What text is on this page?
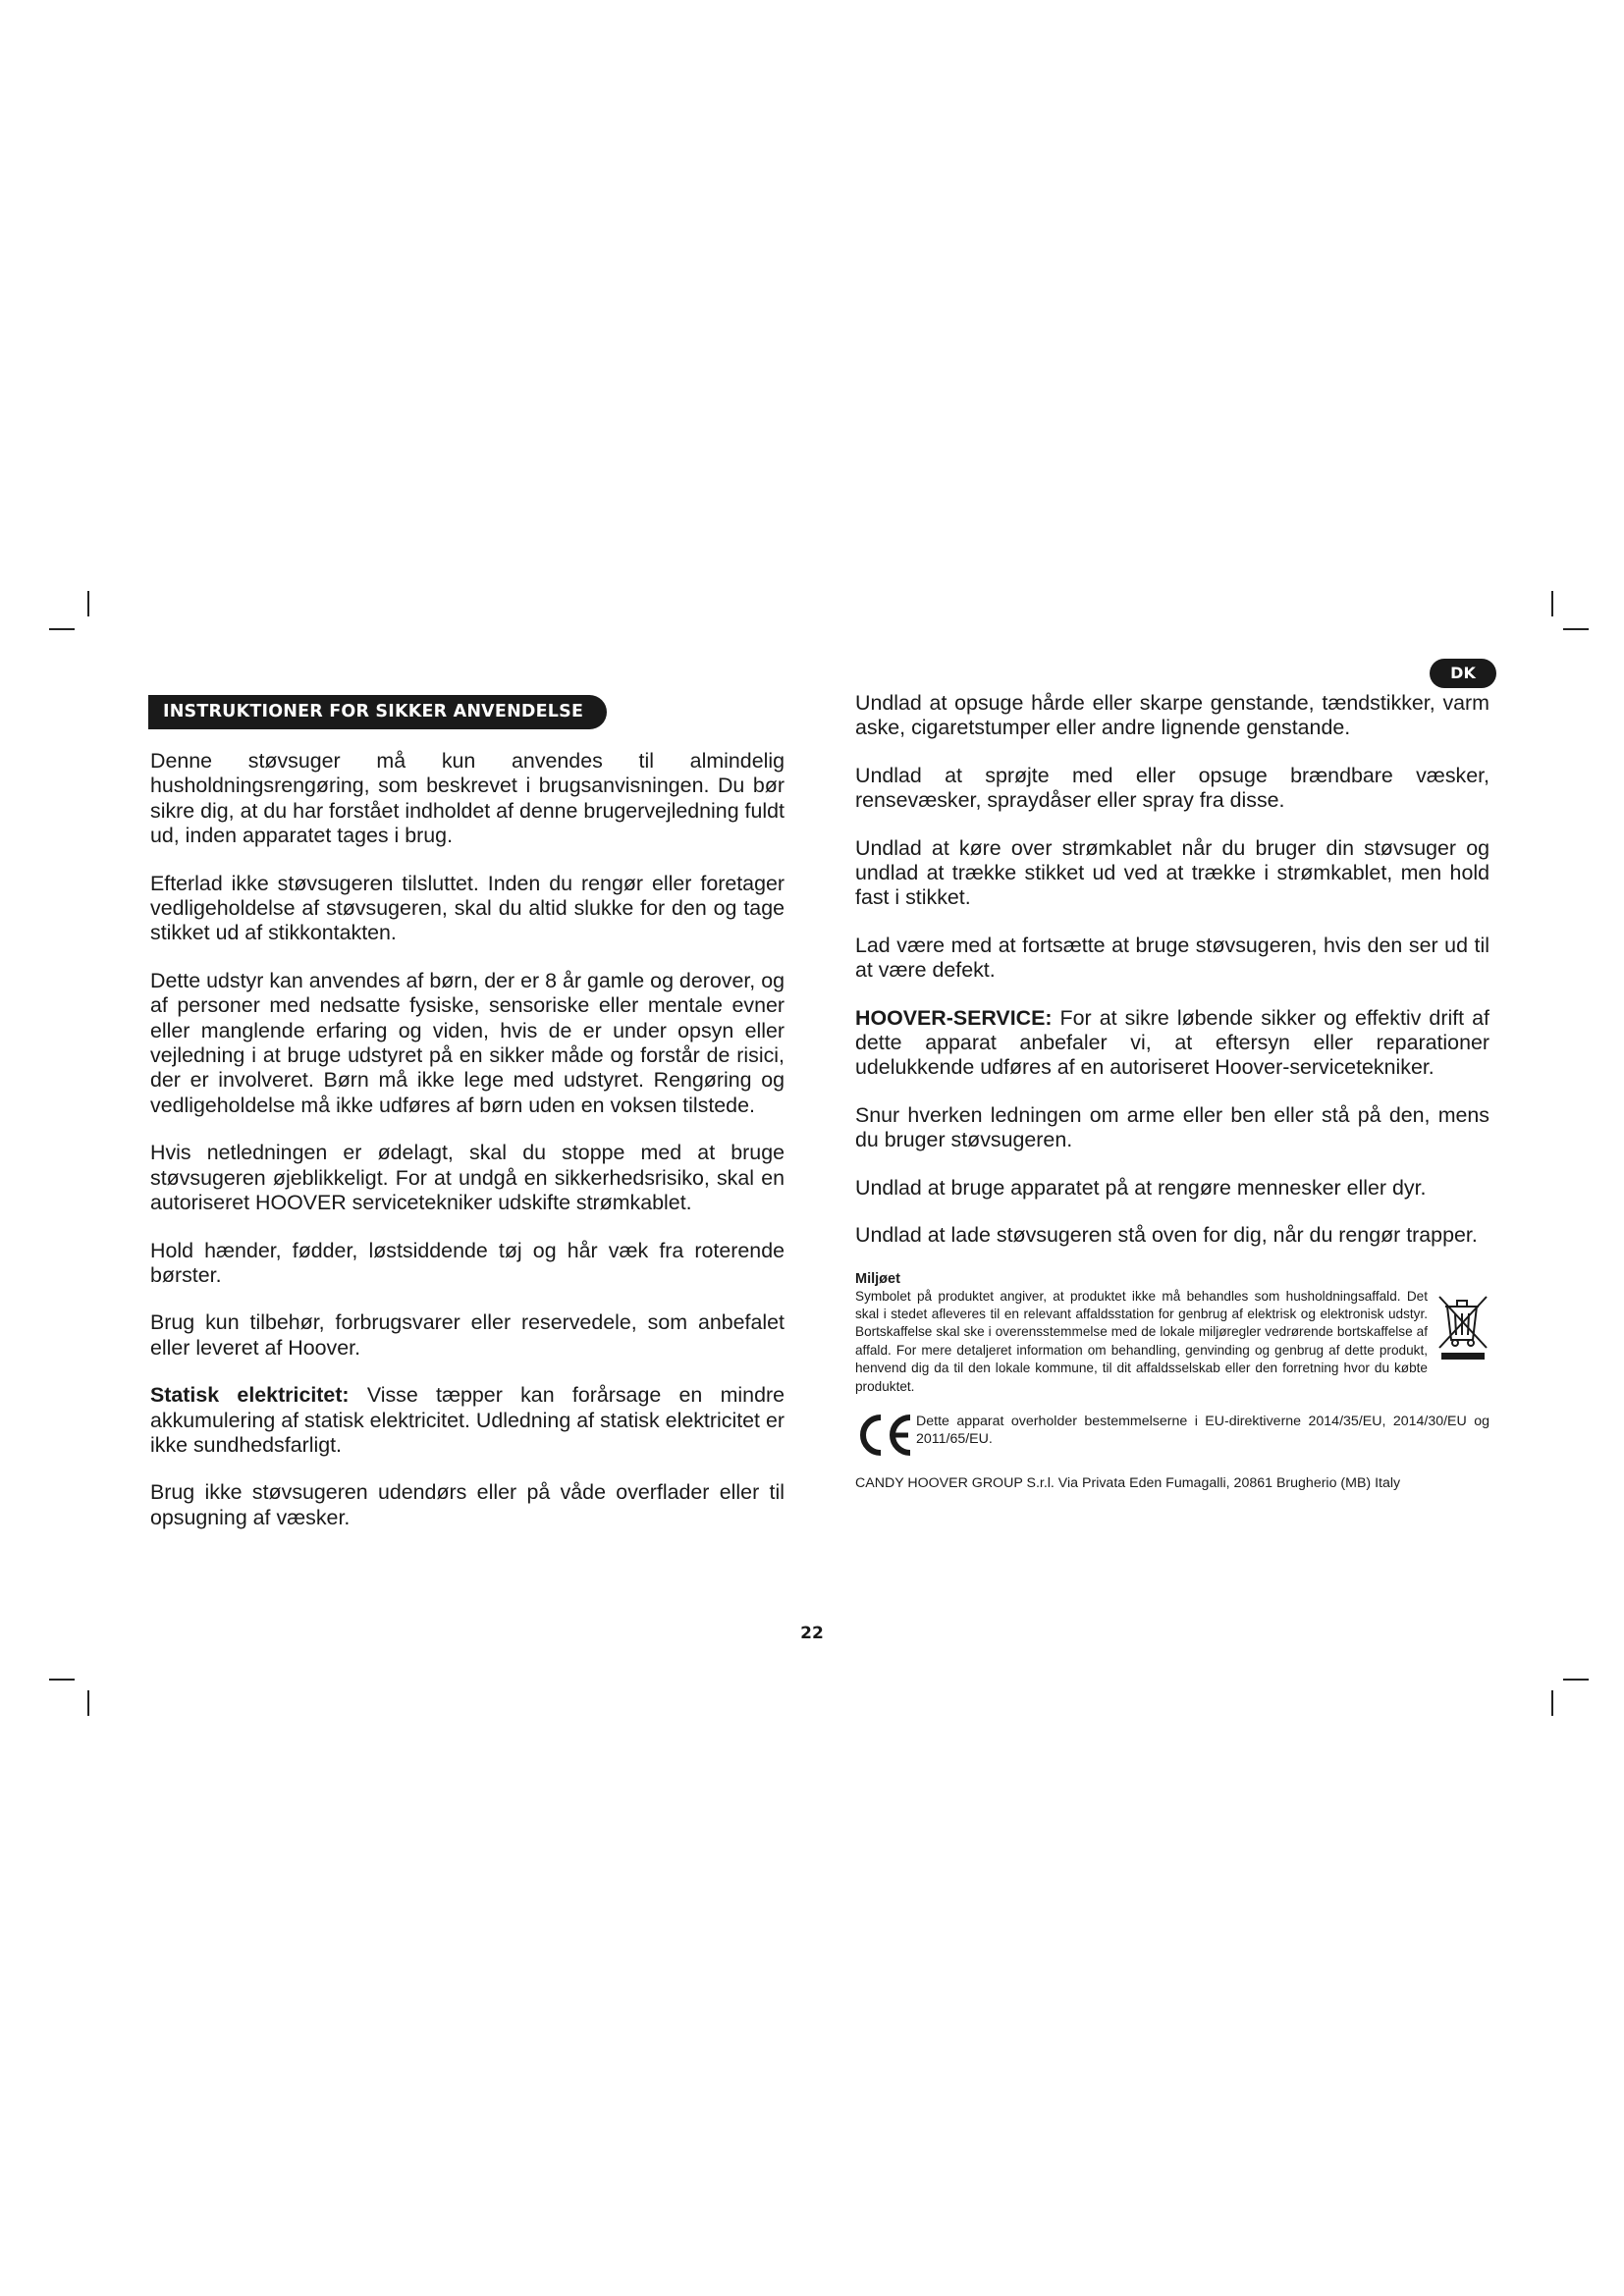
DK
INSTRUKTIONER FOR SIKKER ANVENDELSE

Denne støvsuger må kun anvendes til almindelig husholdningsrengøring, som beskrevet i brugsanvisningen. Du bør sikre dig, at du har forstået indholdet af denne brugervejledning fuldt ud, inden apparatet tages i brug.

Efterlad ikke støvsugeren tilsluttet. Inden du rengør eller foretager vedligeholdelse af støvsugeren, skal du altid slukke for den og tage stikket ud af stikkontakten.

Dette udstyr kan anvendes af børn, der er 8 år gamle og derover, og af personer med nedsatte fysiske, sensoriske eller mentale evner eller manglende erfaring og viden, hvis de er under opsyn eller vejledning i at bruge udstyret på en sikker måde og forstår de risici, der er involveret. Børn må ikke lege med udstyret. Rengøring og vedligeholdelse må ikke udføres af børn uden en voksen tilstede.

Hvis netledningen er ødelagt, skal du stoppe med at bruge støvsugeren øjeblikkeligt. For at undgå en sikkerhedsrisiko, skal en autoriseret HOOVER servicetekniker udskifte strømkablet.

Hold hænder, fødder, løstsiddende tøj og hår væk fra roterende børster.

Brug kun tilbehør, forbrugsvarer eller reservedele, som anbefalet eller leveret af Hoover.

Statisk elektricitet: Visse tæpper kan forårsage en mindre akkumulering af statisk elektricitet. Udledning af statisk elektricitet er ikke sundhedsfarligt.

Brug ikke støvsugeren udendørs eller på våde overflader eller til opsugning af væsker.

Undlad at opsuge hårde eller skarpe genstande, tændstikker, varm aske, cigaretstumper eller andre lignende genstande.

Undlad at sprøjte med eller opsuge brændbare væsker, rensevæsker, spraydåser eller spray fra disse.

Undlad at køre over strømkablet når du bruger din støvsuger og undlad at trække stikket ud ved at trække i strømkablet, men hold fast i stikket.

Lad være med at fortsætte at bruge støvsugeren, hvis den ser ud til at være defekt.

HOOVER-SERVICE: For at sikre løbende sikker og effektiv drift af dette apparat anbefaler vi, at eftersyn eller reparationer udelukkende udføres af en autoriseret Hoover-servicetekniker.

Snur hverken ledningen om arme eller ben eller stå på den, mens du bruger støvsugeren.

Undlad at bruge apparatet på at rengøre mennesker eller dyr.

Undlad at lade støvsugeren stå oven for dig, når du rengør trapper.

Miljøet
Symbolet på produktet angiver, at produktet ikke må behandles som husholdningsaffald. Det skal i stedet afleveres til en relevant affaldsstation for genbrug af elektrisk og elektronisk udstyr. Bortskaffelse skal ske i overensstemmelse med de lokale miljøregler vedrørende bortskaffelse af affald. For mere detaljeret information om behandling, genvinding og genbrug af dette produkt, henvend dig da til den lokale kommune, til dit affaldsselskab eller den forretning hvor du købte produktet.
Dette apparat overholder bestemmelserne i EU-direktiverne 2014/35/EU, 2014/30/EU og 2011/65/EU.
CANDY HOOVER GROUP S.r.l. Via Privata Eden Fumagalli, 20861 Brugherio (MB) Italy
22
